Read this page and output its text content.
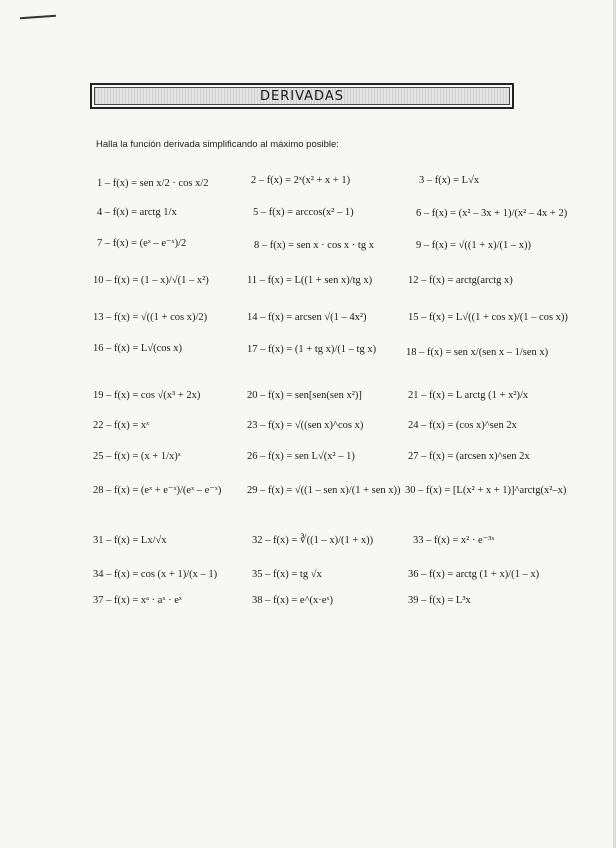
DERIVADAS
Halla la función derivada simplificando al máximo posible:
1 – f(x) = sen x/2 · cos x/2	2 – f(x) = 2ˣ(x² + x + 1)	3 – f(x) = L√x
4 – f(x) = arctg 1/x	5 – f(x) = arccos(x² – 1)	6 – f(x) = (x² – 3x + 1)/(x² – 4x + 2)
7 – f(x) = (eˣ – e⁻ˣ)/2	8 – f(x) = sen x · cos x · tg x	9 – f(x) = √((1 + x)/(1 – x))
10 – f(x) = (1 – x)/√(1 – x²)	11 – f(x) = L((1 + sen x)/tg x)	12 – f(x) = arctg(arctg x)
13 – f(x) = √((1 + cos x)/2)	14 – f(x) = arcsen √(1 – 4x²)	15 – f(x) = L√((1 + cos x)/(1 – cos x))
16 – f(x) = L√(cos x)	17 – f(x) = (1 + tg x)/(1 – tg x)	18 – f(x) = sen x/(sen x – 1/sen x)
19 – f(x) = cos √(x³ + 2x)	20 – f(x) = sen[sen(sen x²)]	21 – f(x) = L arctg (1 + x²)/x
22 – f(x) = xˣ	23 – f(x) = √((sen x)^cos x)	24 – f(x) = (cos x)^sen 2x
25 – f(x) = (x + 1/x)ˣ	26 – f(x) = sen L√(x² – 1)	27 – f(x) = (arcsen x)^sen 2x
28 – f(x) = (eˣ + e⁻ˣ)/(eˣ – e⁻ˣ) 29 – f(x) = √((1 – sen x)/(1 + sen x)) 30 – f(x) = [L(x² + x + 1)]^arctg(x²–x)
31 – f(x) = Lx/√x	32 – f(x) = ∛((1 – x)/(1 + x))	33 – f(x) = x² · e⁻³ˣ
34 – f(x) = cos (x + 1)/(x – 1)	35 – f(x) = tg √x	36 – f(x) = arctg (1 + x)/(1 – x)
37 – f(x) = xᵃ · aˣ · eˣ	38 – f(x) = e^(x·eˣ)	39 – f(x) = L³x
